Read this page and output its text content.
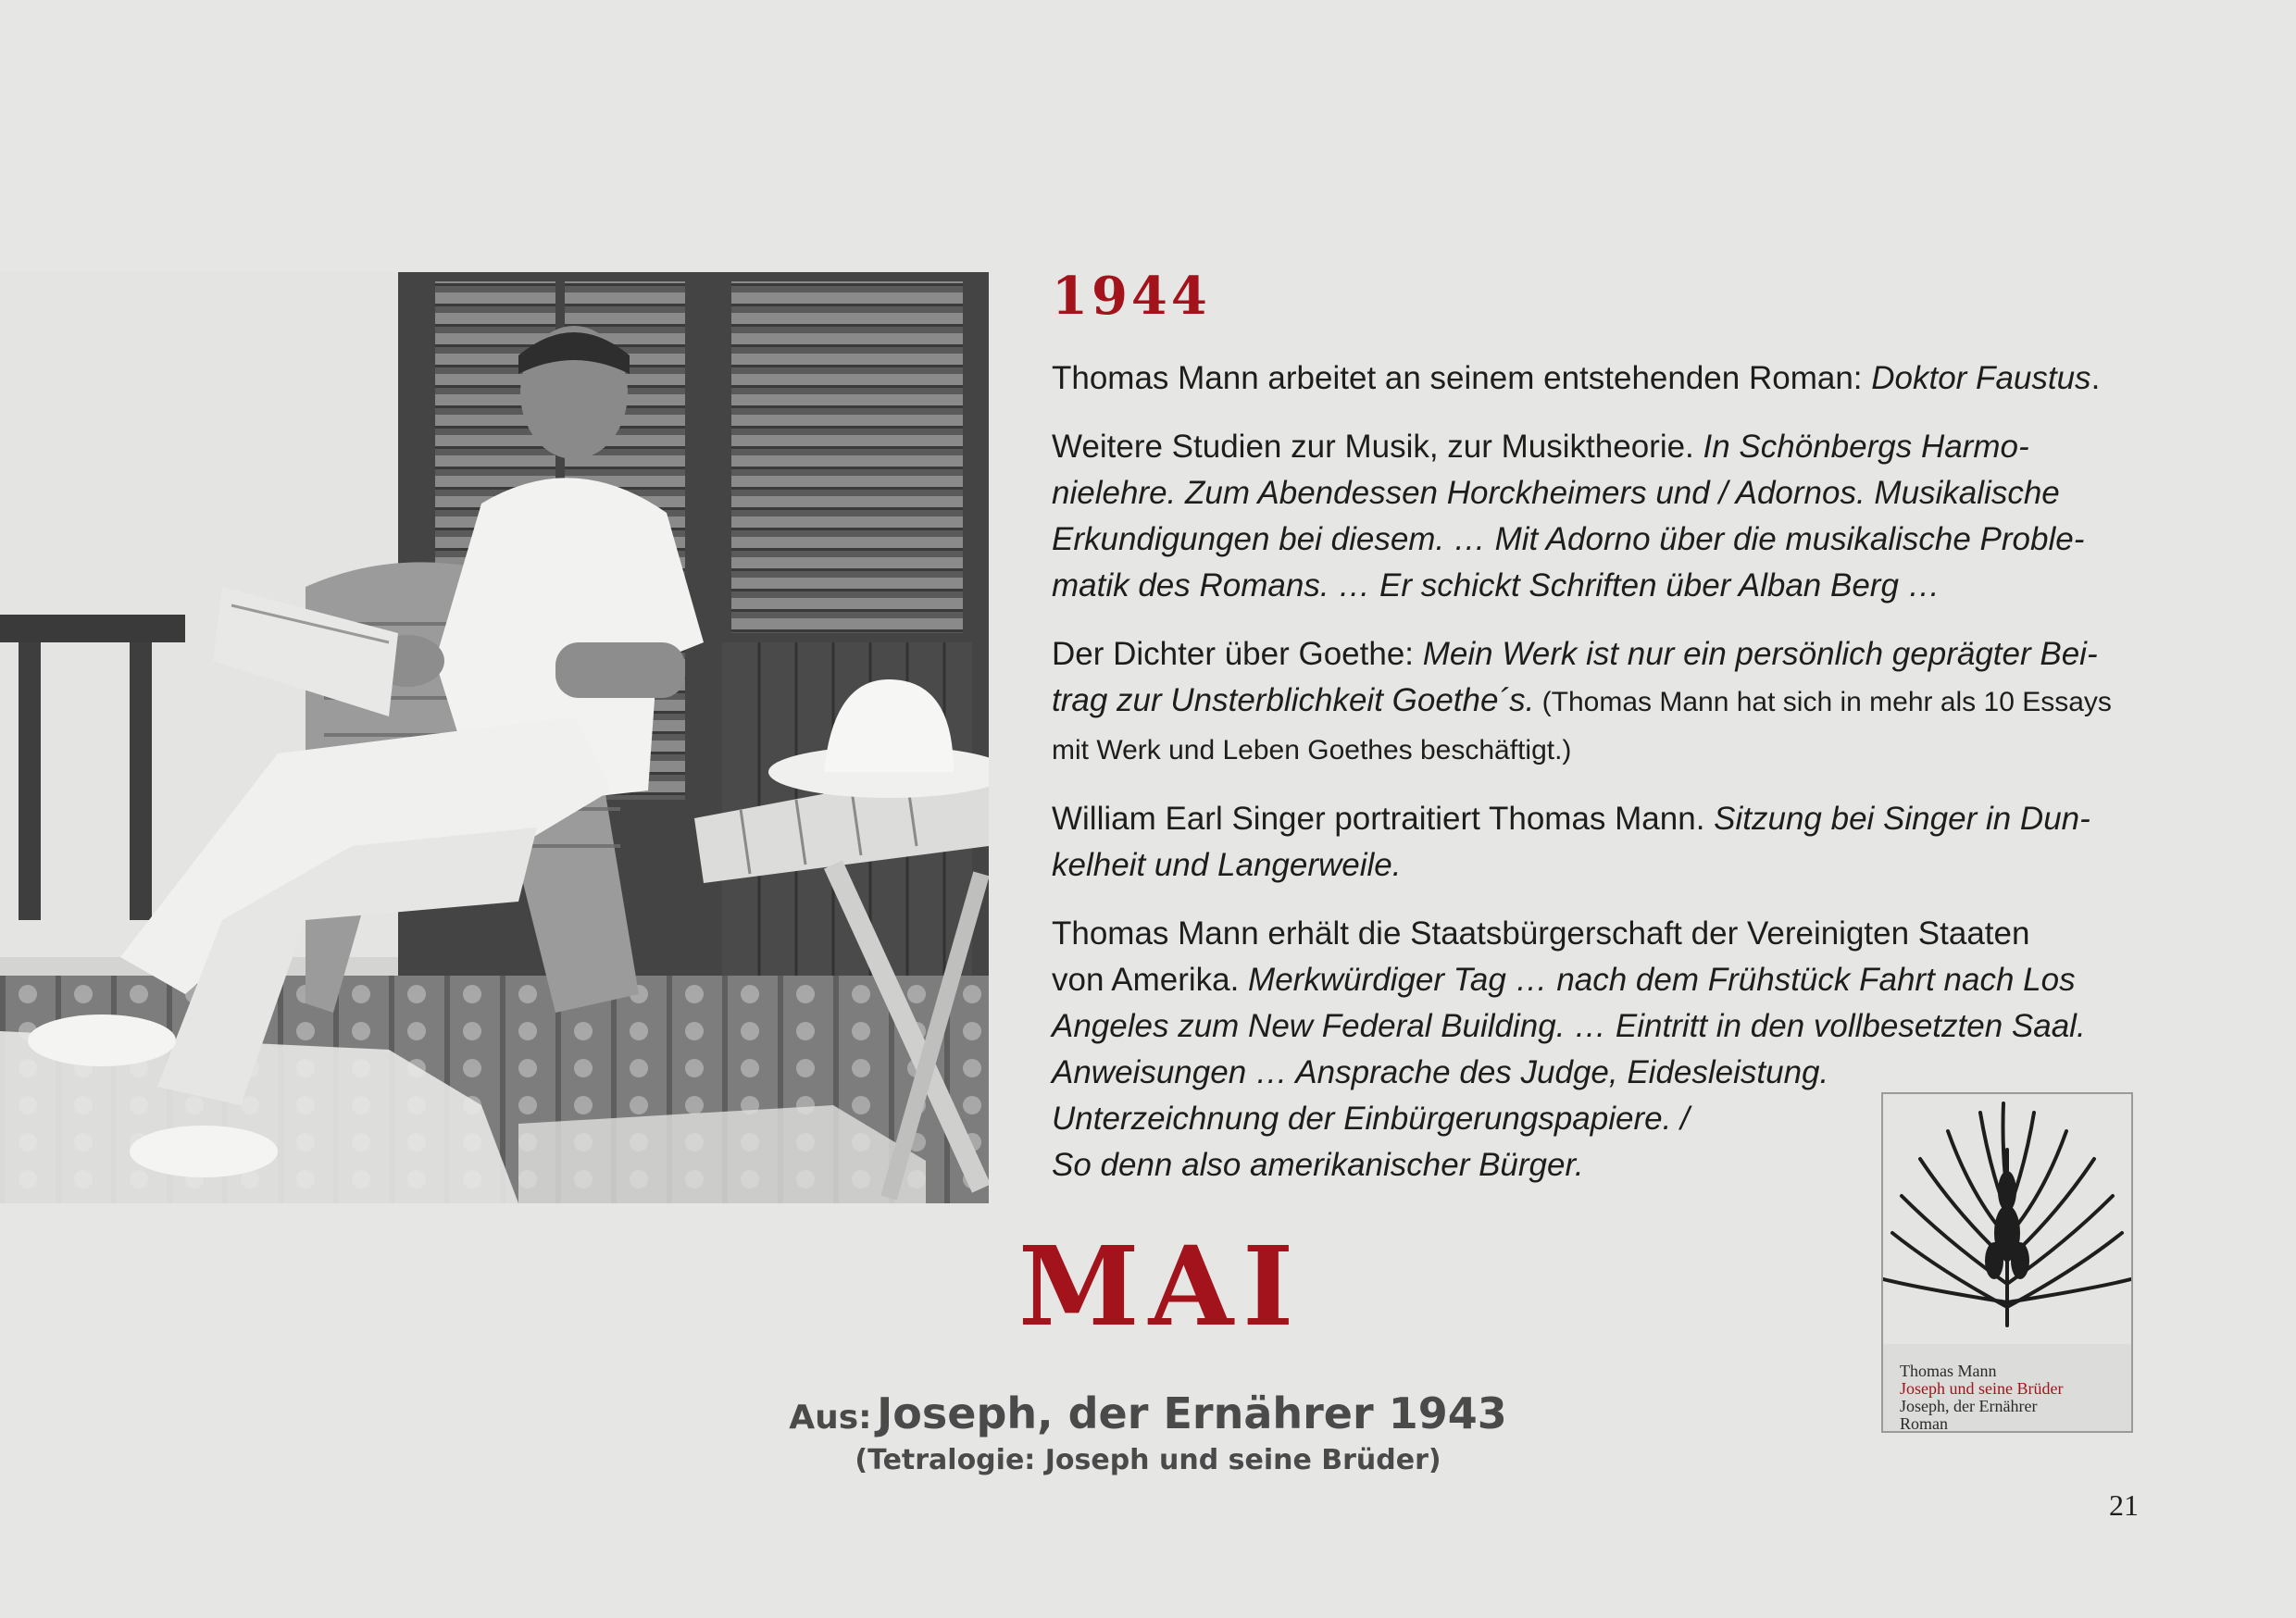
1944
Thomas Mann arbeitet an seinem entstehenden Roman: Doktor Faustus.
Weitere Studien zur Musik, zur Musiktheorie. In Schönbergs Harmo-
nielehre. Zum Abendessen Horckheimers und / Adornos. Musikalische
Erkundigungen bei diesem. … Mit Adorno über die musikalische Proble-
matik des Romans. … Er schickt Schriften über Alban Berg …
Der Dichter über Goethe: Mein Werk ist nur ein persönlich geprägter Bei-
trag zur Unsterblichkeit Goethe´s. (Thomas Mann hat sich in mehr als 10 Essays
mit Werk und Leben Goethes beschäftigt.)
William Earl Singer portraitiert Thomas Mann. Sitzung bei Singer in Dun-
kelheit und Langerweile.
Thomas Mann erhält die Staatsbürgerschaft der Vereinigten Staaten
von Amerika. Merkwürdiger Tag … nach dem Frühstück Fahrt nach Los
Angeles zum New Federal Building. … Eintritt in den vollbesetzten Saal.
Anweisungen … Ansprache des Judge, Eidesleistung.
Unterzeichnung der Einbürgerungspapiere. /
So denn also amerikanischer Bürger.
MAI
Aus: Joseph, der Ernährer 1943
(Tetralogie: Joseph und seine Brüder)
Thomas Mann
Joseph und seine Brüder
Joseph, der Ernährer
Roman
21
